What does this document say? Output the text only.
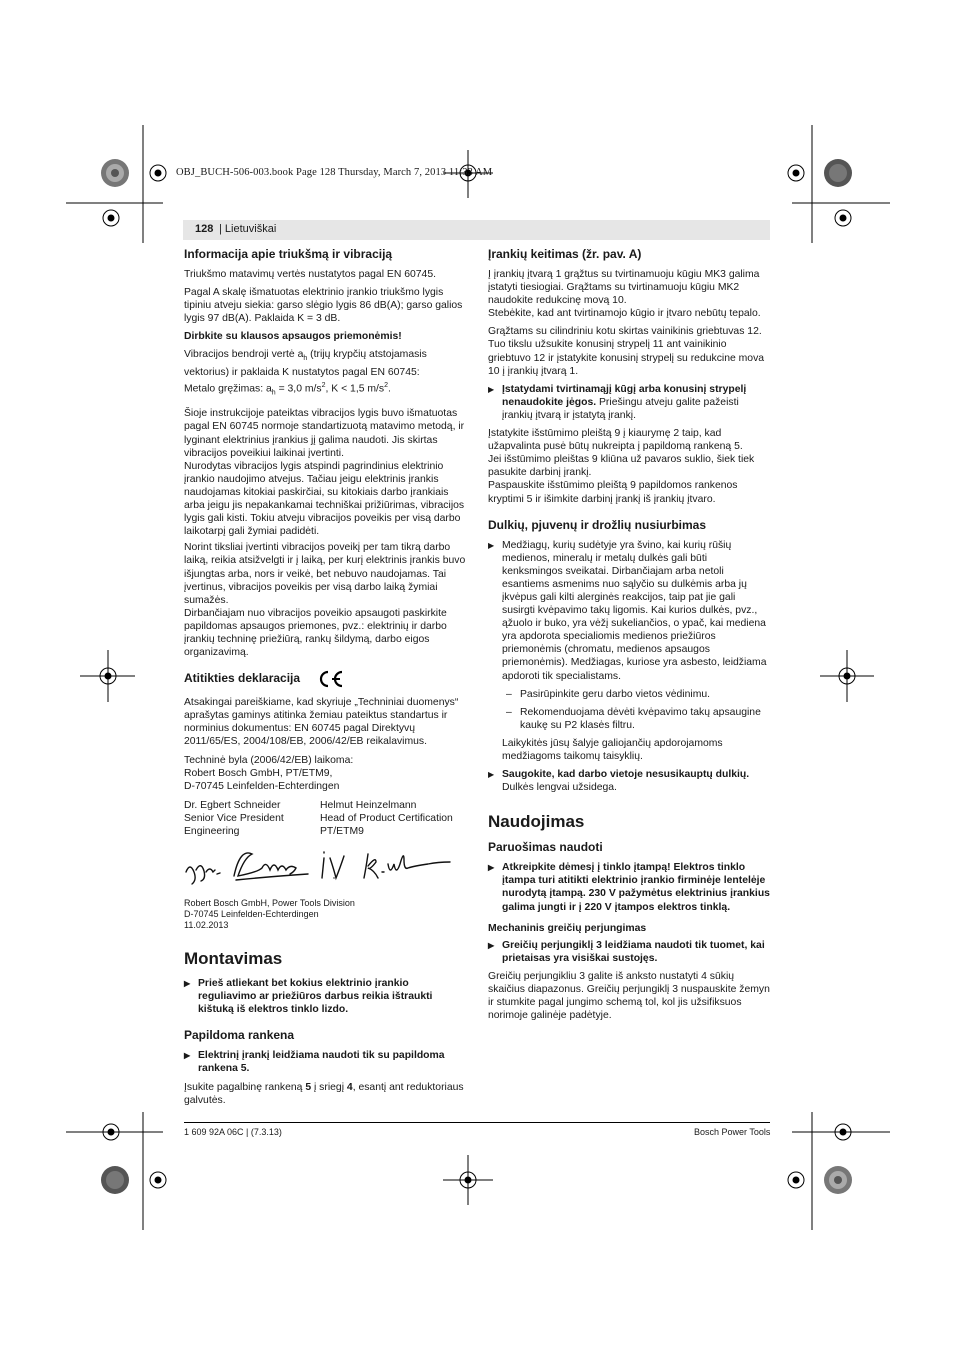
OBJ_BUCH-506-003.book Page 128 Thursday, March 7, 2013 11:33 AM
128 | Lietuviškai
Informacija apie triukšmą ir vibraciją

Triukšmo matavimų vertės nustatytos pagal EN 60745.

Pagal A skalę išmatuotas elektrinio įrankio triukšmo lygis tipiniu atveju siekia: garso slėgio lygis 86 dB(A); garso galios lygis 97 dB(A). Paklaida K = 3 dB.

Dirbkite su klausos apsaugos priemonėmis!

Vibracijos bendroji vertė $a_h$ (trijų krypčių atstojamasis vektorius) ir paklaida K nustatytos pagal EN 60745:
Metalo gręžimas: $a_h = 3,0$ $m/s^2$, K < 1,5 $m/s^2$.

Šioje instrukcijoje pateiktas vibracijos lygis buvo išmatuotas pagal EN 60745 normoje standartizuotą matavimo metodą, ir lyginant elektrinius įrankius jį galima naudoti. Jis skirtas vibracijos poveikiui laikinai įvertinti.

Nurodytas vibracijos lygis atspindi pagrindinius elektrinio įrankio naudojimo atvejus. Tačiau jeigu elektrinis įrankis naudojamas kitokiai paskirčiai, su kitokiais darbo įrankiais arba jeigu jis nepakankamai techniškai prižiūrimas, vibracijos lygis gali kisti. Tokiu atveju vibracijos poveikis per visą darbo laikotarpį gali žymiai padidėti.

Norint tiksliai įvertinti vibracijos poveikį per tam tikrą darbo laiką, reikia atsižvelgti ir į laiką, per kurį elektrinis įrankis buvo išjungtas arba, nors ir veikė, bet nebuvo naudojamas. Tai įvertinus, vibracijos poveikis per visą darbo laiką žymiai sumažės.

Dirbančiajam nuo vibracijos poveikio apsaugoti paskirkite papildomas apsaugos priemones, pvz.: elektrinių ir darbo įrankių techninę priežiūrą, rankų šildymą, darbo eigos organizavimą.

Atitikties deklaracija

Atsakingai pareiškiame, kad skyriuje „Techniniai duomenys“ aprašytas gaminys atitinka žemiau pateiktus standartus ir norminius dokumentus: EN 60745 pagal Direktyvų 2011/65/ES, 2004/108/EB, 2006/42/EB reikalavimus.

Techninė byla (2006/42/EB) laikoma:

Robert Bosch GmbH, PT/ETM9,

D-70745 Leinfelden-Echterdingen

Dr. Egbert Schneider
Senior Vice President
Engineering
Helmut Heinzelmann
Head of Product Certification
PT/ETM9
Robert Bosch GmbH, Power Tools Division
D-70745 Leinfelden-Echterdingen
11.02.2013
Montavimas

▶ Prieš atliekant bet kokius elektrinio įrankio reguliavimo ar priežiūros darbus reikia ištraukti kištuką iš elektros tinklo lizdo.

Papildoma rankena

▶ Elektrinį įrankį leidžiama naudoti tik su papildoma rankena 5.

Įsukite pagalbinę rankeną 5 į sriegį 4, esantį ant reduktoriaus galvutės.

Įrankių keitimas (žr. pav. A)

Į įrankių įtvarą 1 grąžtus su tvirtinamuoju kūgiu MK3 galima įstatyti tiesiogiai. Grąžtams su tvirtinamuoju kūgiu MK2 naudokite redukcinę movą 10.

Stebėkite, kad ant tvirtinamojo kūgio ir įtvaro nebūtų tepalo.

Grąžtams su cilindriniu kotu skirtas vainikinis griebtuvas 12. Tuo tikslu užsukite konusinį strypelį 11 ant vainikinio griebtuvo 12 ir įstatykite konusinį strypelį su redukcine mova 10 į įrankių įtvarą 1.

▶ Įstatydami tvirtinamąjį kūgį arba konusinį strypelį nenaudokite jėgos. Priešingu atveju galite pažeisti įrankių įtvarą ir įstatytą įrankį.

Įstatykite išstūmimo pleištą 9 į kiaurymę 2 taip, kad užapvalinta pusė būtų nukreipta į papildomą rankeną 5.

Jei išstūmimo pleištas 9 kliūna už pavaros suklio, šiek tiek pasukite darbinį įrankį.

Paspauskite išstūmimo pleištą 9 papildomos rankenos kryptimi 5 ir išimkite darbinį įrankį iš įrankių įtvaro.

Dulkių, pjuvenų ir drožlių nusiurbimas

▶ Medžiagų, kurių sudėtyje yra švino, kai kurių rūšių medienos, mineralų ir metalų dulkės gali būti kenksmingos sveikatai. Dirbančiajam arba netoli esantiems asmenims nuo sąlyčio su dulkėmis arba jų įkvėpus gali kilti alerginės reakcijos, taip pat jie gali susirgti kvėpavimo takų ligomis. Kai kurios dulkės, pvz., ąžuolo ir buko, yra vėžį sukeliančios, o ypač, kai mediena yra apdorota specialiomis medienos priežiūros priemonėmis (chromatu, medienos apsaugos priemonėmis). Medžiagas, kuriose yra asbesto, leidžiama apdoroti tik specialistams.

– Pasirūpinkite geru darbo vietos vėdinimu.

– Rekomenduojama dėvėti kvėpavimo takų apsaugine kaukę su P2 klasės filtru.

Laikykitės jūsų šalyje galiojančių apdorojamoms medžiagoms taikomų taisyklių.

▶ Saugokite, kad darbo vietoje nesusikauptų dulkių. Dulkės lengvai užsidega.

Naudojimas
Paruošimas naudoti

▶ Atkreipkite dėmesį į tinklo įtampą! Elektros tinklo įtampa turi atitikti elektrinio įrankio firminėje lentelėje nurodytą įtampą. 230 V pažymėtus elektrinius įrankius galima jungti ir į 220 V įtampos elektros tinklą.

Mechaninis greičių perjungimas

▶ Greičių perjungiklį 3 leidžiama naudoti tik tuomet, kai prietaisas yra visiškai sustojęs.

Greičių perjungikliu 3 galite iš anksto nustatyti 4 sūkių skaičius diapazonus. Greičių perjungiklį 3 nuspauskite žemyn ir stumkite pagal jungimo schemą tol, kol jis užsifiksuos norimoje galinėje padėtyje.

1 609 92A 06C | (7.3.13)	Bosch Power Tools
